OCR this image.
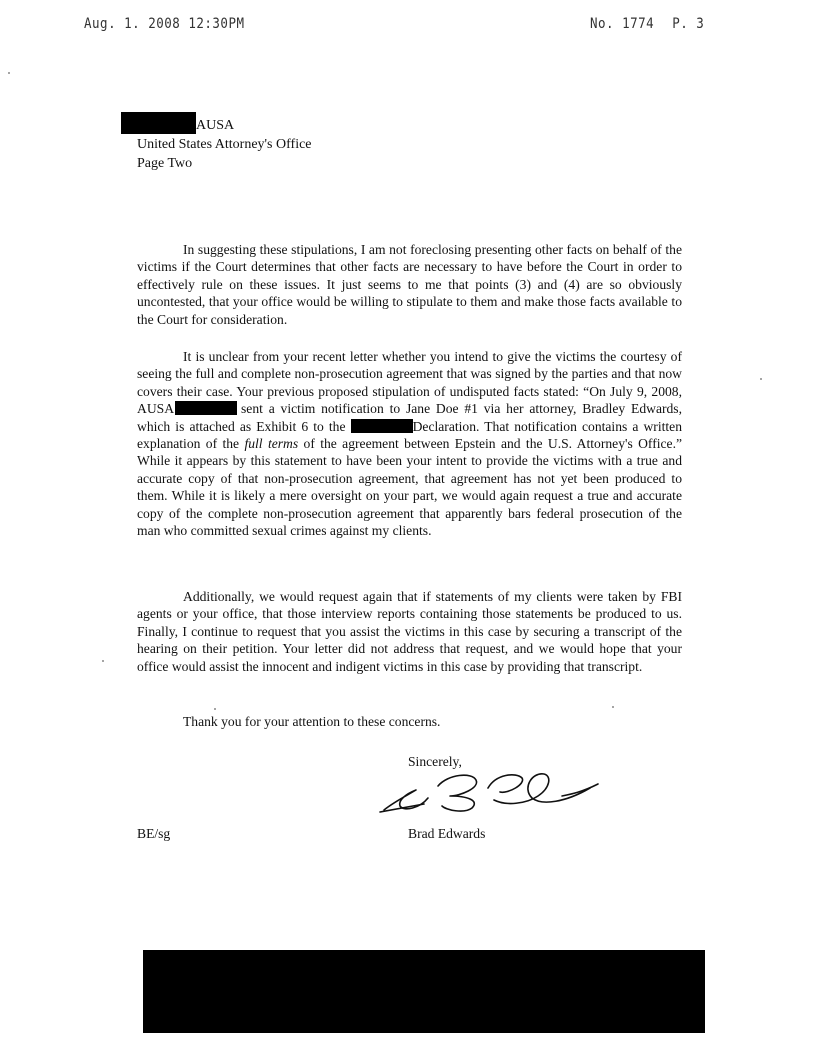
Aug. 1. 2008 12:30PM	No. 1774 P. 3
AUSA
United States Attorney's Office
Page Two

In suggesting these stipulations, I am not foreclosing presenting other facts on behalf of the victims if the Court determines that other facts are necessary to have before the Court in order to effectively rule on these issues. It just seems to me that points (3) and (4) are so obviously uncontested, that your office would be willing to stipulate to them and make those facts available to the Court for consideration.

It is unclear from your recent letter whether you intend to give the victims the courtesy of seeing the full and complete non-prosecution agreement that was signed by the parties and that now covers their case. Your previous proposed stipulation of undisputed facts stated: “On July 9, 2008, AUSA	sent a victim notification to Jane Doe #1 via her attorney, Bradley Edwards, which is attached as Exhibit 6 to the	Declaration. That notification contains a written explanation of the full terms of the agreement between Epstein and the U.S. Attorney's Office.” While it appears by this statement to have been your intent to provide the victims with a true and accurate copy of that non-prosecution agreement, that agreement has not yet been produced to them. While it is likely a mere oversight on your part, we would again request a true and accurate copy of the complete non-prosecution agreement that apparently bars federal prosecution of the man who committed sexual crimes against my clients.

Additionally, we would request again that if statements of my clients were taken by FBI agents or your office, that those interview reports containing those statements be produced to us. Finally, I continue to request that you assist the victims in this case by securing a transcript of the hearing on their petition. Your letter did not address that request, and we would hope that your office would assist the innocent and indigent victims in this case by providing that transcript.

Thank you for your attention to these concerns.
Sincerely,
BE/sg	Brad Edwards
